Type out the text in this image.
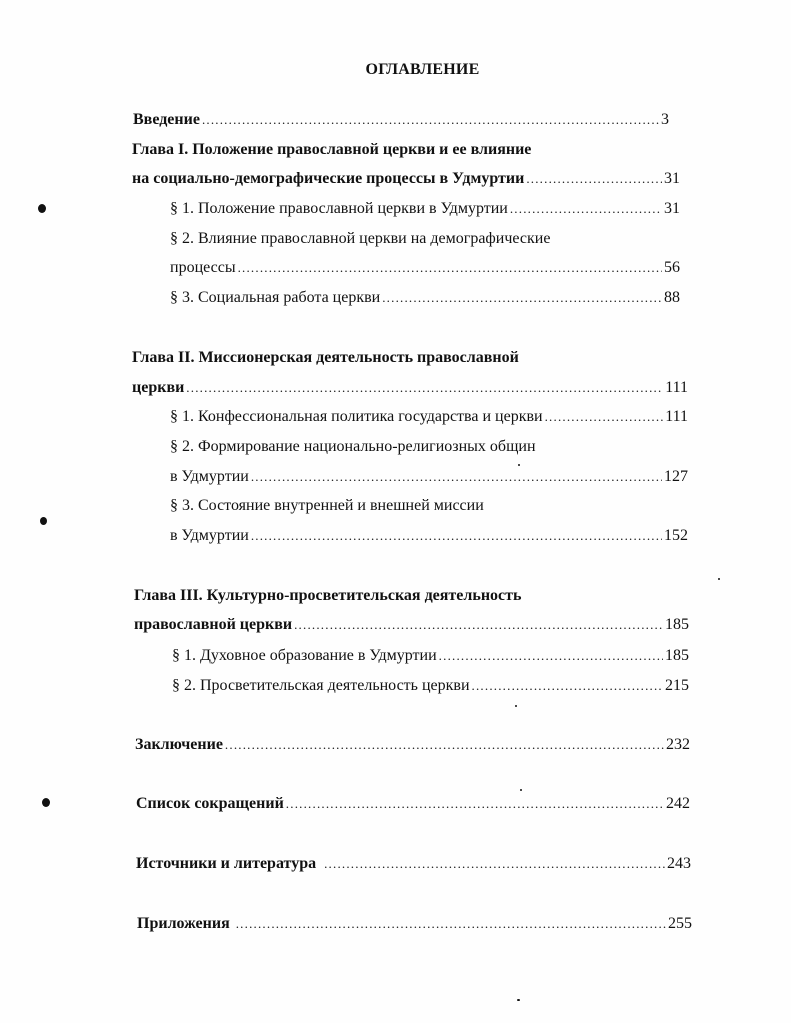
ОГЛАВЛЕНИЕ
Введение .....	3
Глава I. Положение православной церкви и ее влияние
на социально-демографические процессы в Удмуртии .....	31
§ 1. Положение православной церкви в Удмуртии .....	31
§ 2. Влияние православной церкви на демографические
процессы .....	56
§ 3. Социальная работа церкви .....	88
Глава II. Миссионерская деятельность православной
церкви .....	111
§ 1. Конфессиональная политика государства и церкви .....	111
§ 2. Формирование национально-религиозных общин
в Удмуртии .....	127
§ 3. Состояние внутренней и внешней миссии
в Удмуртии .....	152
Глава III. Культурно-просветительская деятельность
православной церкви .....	185
§ 1. Духовное образование в Удмуртии .....	185
§ 2. Просветительская деятельность церкви .....	215
Заключение .....	232
Список сокращений .....	242
Источники и литература .....	243
Приложения .....	255
